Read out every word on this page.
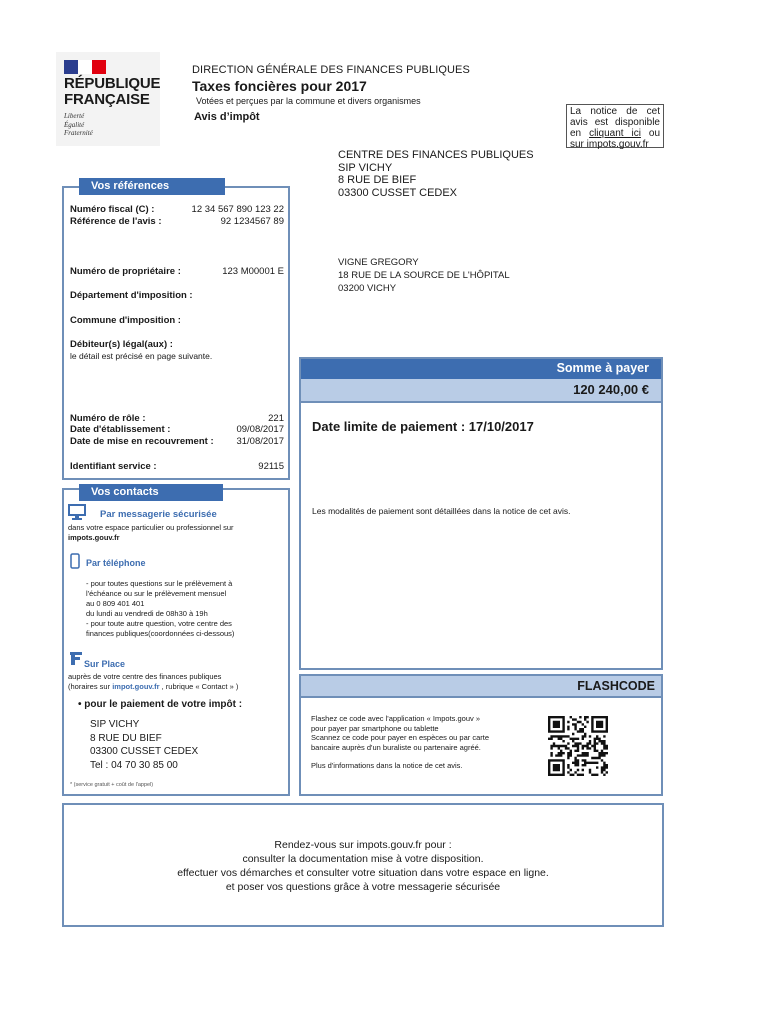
RÉPUBLIQUE
FRANÇAISE
Liberté
Égalité
Fraternité
DIRECTION GÉNÉRALE DES FINANCES PUBLIQUES
Taxes foncières pour 2017
Votées et perçues par la commune et divers organismes
Avis d’impôt	La notice de cet avis est disponible en cliquant ici ou sur impots.gouv.fr
CENTRE DES FINANCES PUBLIQUES
SIP VICHY
8 RUE DE BIEF
03300 CUSSET CEDEX
VIGNE GREGORY
18 RUE DE LA SOURCE DE L'HÔPITAL
03200 VICHY
Vos références
Numéro fiscal (C) :	12 34 567 890 123 22
Référence de l'avis :	92 1234567 89
Numéro de propriétaire :	123 M00001 E
Département d'imposition :
Commune d'imposition :
Débiteur(s) légal(aux) :
le détail est précisé en page suivante.
Numéro de rôle :	221
Date d'établissement :	09/08/2017
Date de mise en recouvrement : 31/08/2017
Identifiant service :	92115
Vos contacts
Par messagerie sécurisée
dans votre espace particulier ou professionnel sur
impots.gouv.fr
Par téléphone
- pour toutes questions sur le prélèvement à
l'échéance ou sur le prélèvement mensuel
au 0 809 401 401
du lundi au vendredi de 08h30 à 19h
- pour toute autre question, votre centre des
finances publiques(coordonnées ci-dessous)
Sur Place
auprès de votre centre des finances publiques
(horaires sur impot.gouv.fr , rubrique « Contact » )
• pour le paiement de votre impôt :
SIP VICHY
8 RUE DU BIEF
03300 CUSSET CEDEX
Tel : 04 70 30 85 00
* (service gratuit + coût de l'appel)
Somme à payer
120 240,00 €
Date limite de paiement : 17/10/2017
Les modalités de paiement sont détaillées dans la notice de cet avis.
FLASHCODE
Flashez ce code avec l'application « Impots.gouv »
pour payer par smartphone ou tablette
Scannez ce code pour payer en espèces ou par carte
bancaire auprès d'un buraliste ou partenaire agréé.
Plus d'informations dans la notice de cet avis.
Rendez-vous sur impots.gouv.fr pour :
consulter la documentation mise à votre disposition.
effectuer vos démarches et consulter votre situation dans votre espace en ligne.
et poser vos questions grâce à votre messagerie sécurisée
